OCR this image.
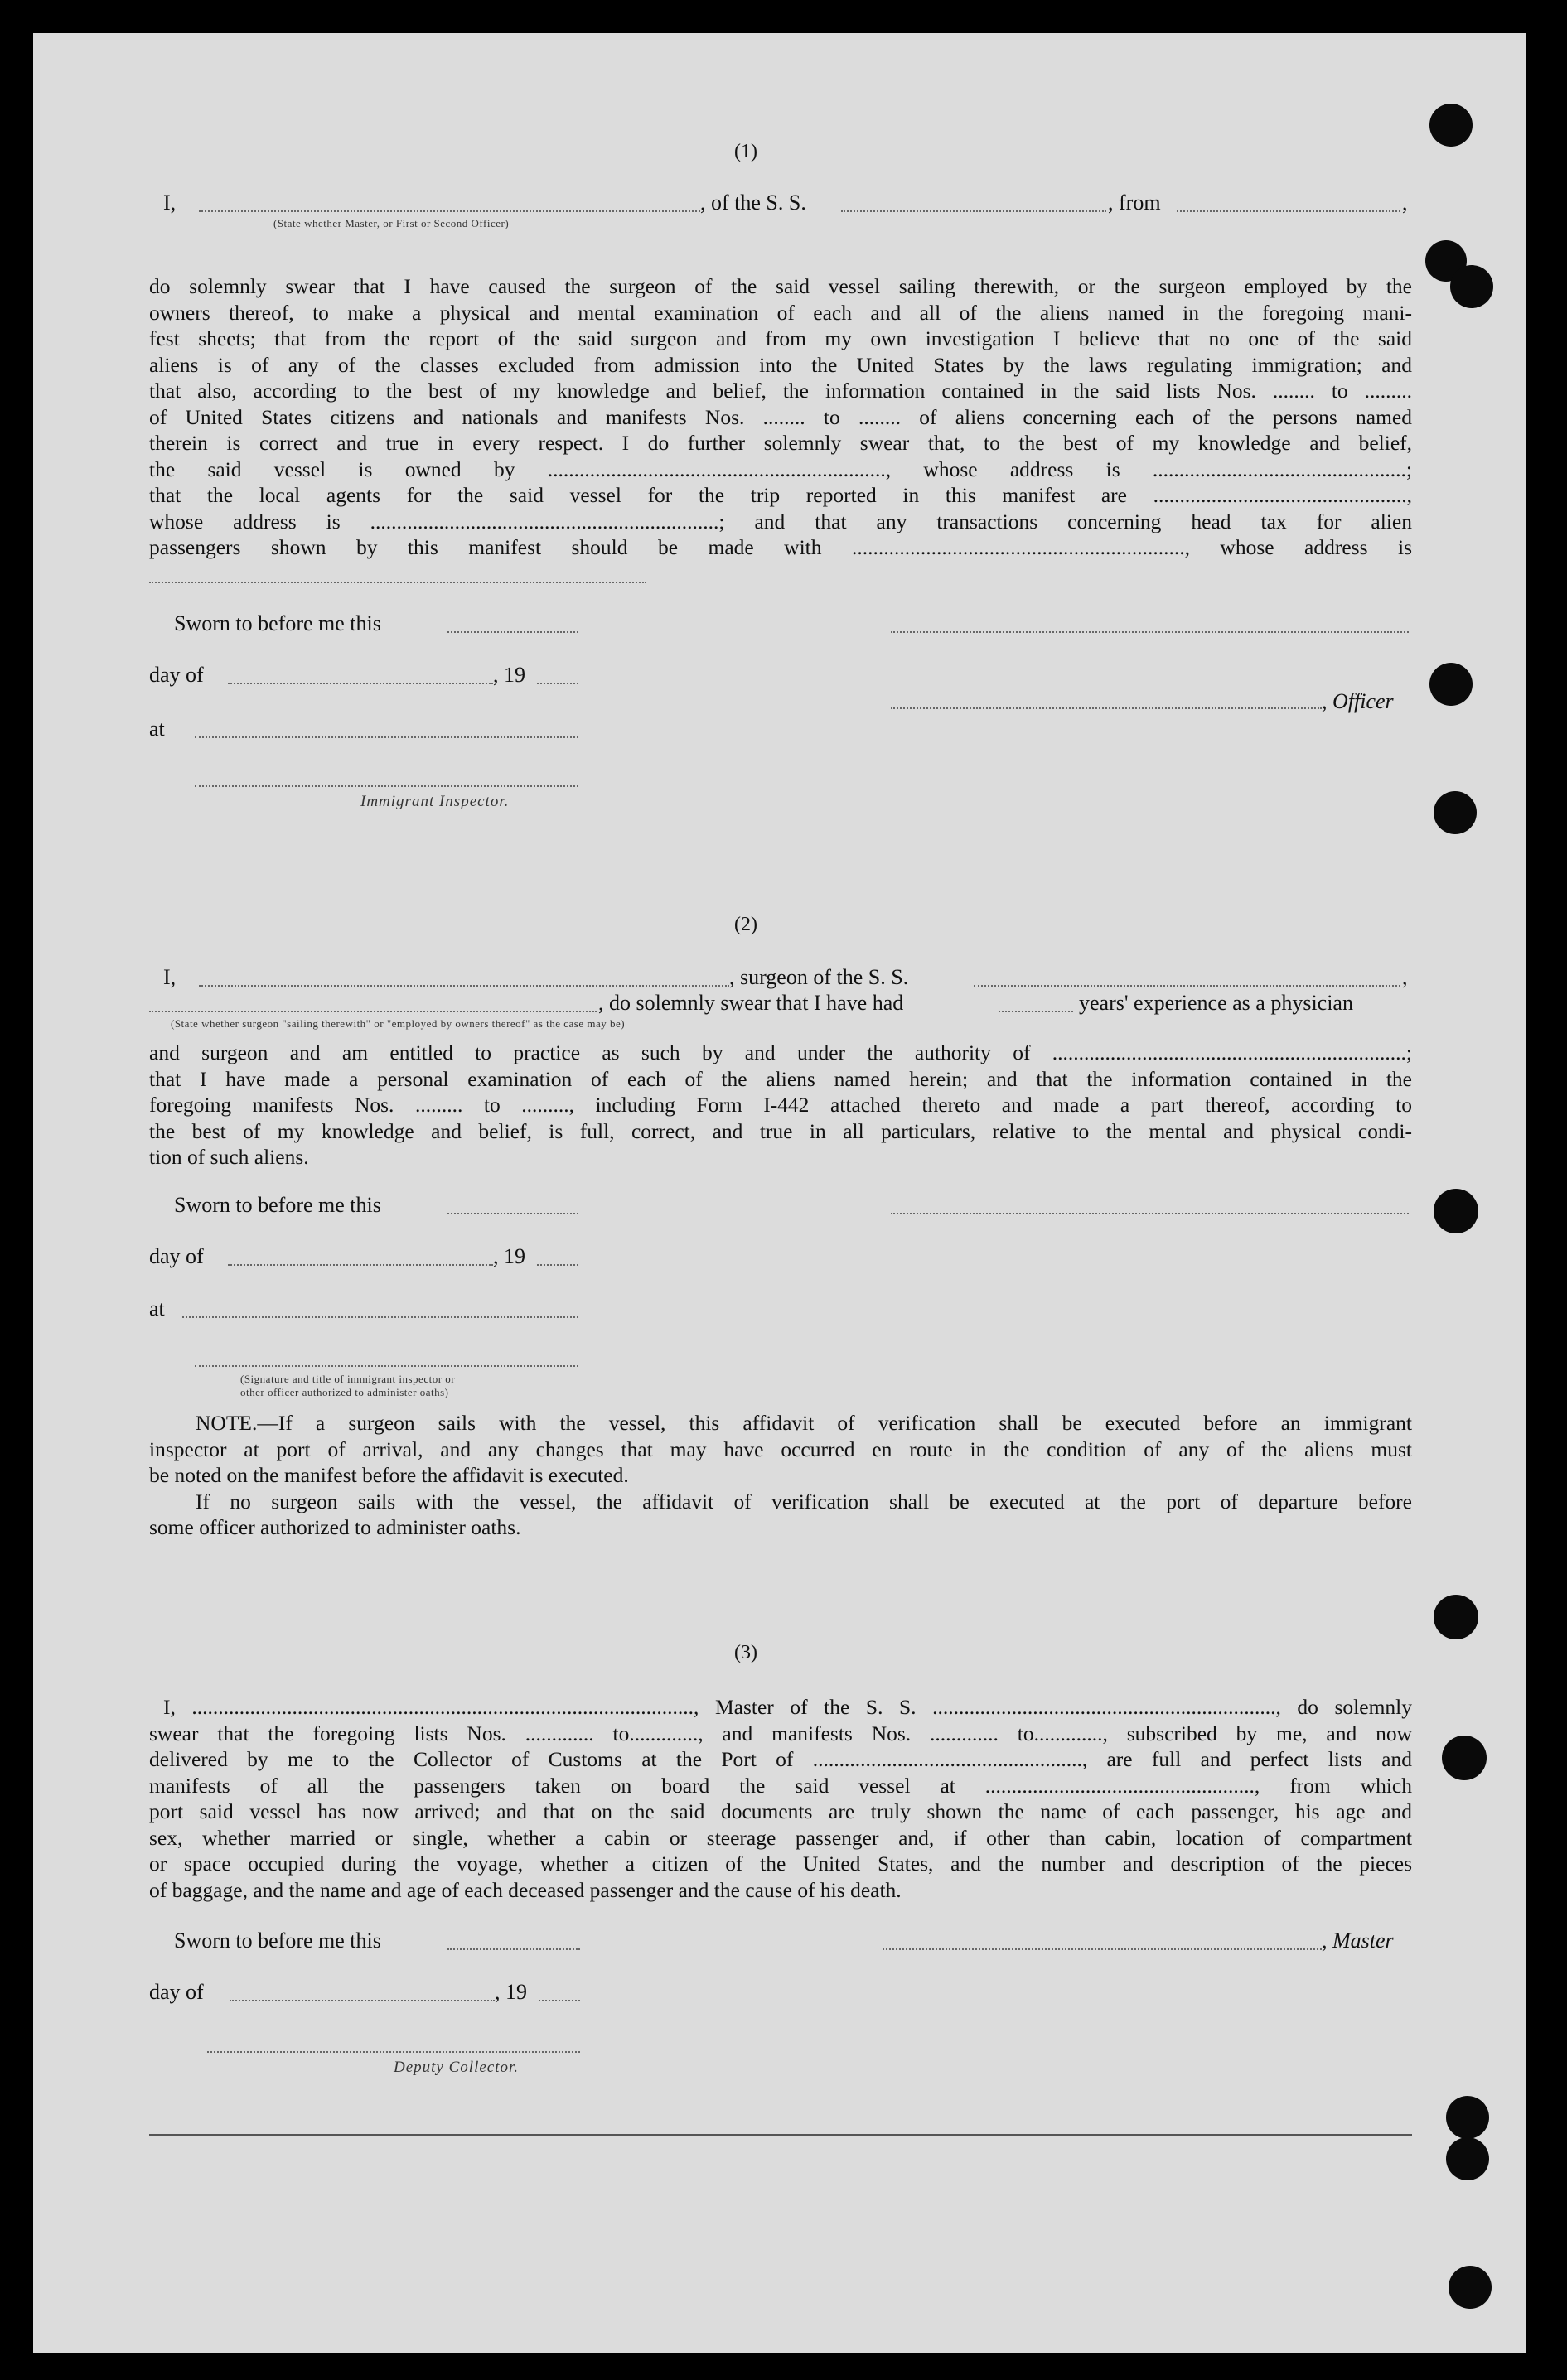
(1)
I,	, of the S. S.	, from	,
(State whether Master, or First or Second Officer)
do solemnly swear that I have caused the surgeon of the said vessel sailing therewith, or the surgeon employed by the
owners thereof, to make a physical and mental examination of each and all of the aliens named in the foregoing mani-
fest sheets; that from the report of the said surgeon and from my own investigation I believe that no one of the said
aliens is of any of the classes excluded from admission into the United States by the laws regulating immigration; and
that also, according to the best of my knowledge and belief, the information contained in the said lists Nos. ........ to .........
of United States citizens and nationals and manifests Nos. ........ to ........ of aliens concerning each of the persons named
therein is correct and true in every respect. I do further solemnly swear that, to the best of my knowledge and belief,
the said vessel is owned by ................................................................, whose address is ................................................;
that the local agents for the said vessel for the trip reported in this manifest are ................................................,
whose address is ..................................................................; and that any transactions concerning head tax for alien
passengers shown by this manifest should be made with ..............................................................., whose address is
Sworn to before me this
day of	, 19
, Officer
at
Immigrant Inspector.
(2)
I,	, surgeon of the S. S.	,
, do solemnly swear that I have had	years' experience as a physician
(State whether surgeon "sailing therewith" or "employed by owners thereof" as the case may be)
and surgeon and am entitled to practice as such by and under the authority of ...................................................................;
that I have made a personal examination of each of the aliens named herein; and that the information contained in the
foregoing manifests Nos. ......... to ........., including Form I-442 attached thereto and made a part thereof, according to
the best of my knowledge and belief, is full, correct, and true in all particulars, relative to the mental and physical condi-
tion of such aliens.
Sworn to before me this
day of	, 19
at
(Signature and title of immigrant inspector or
other officer authorized to administer oaths)
NOTE.—If a surgeon sails with the vessel, this affidavit of verification shall be executed before an immigrant
inspector at port of arrival, and any changes that may have occurred en route in the condition of any of the aliens must
be noted on the manifest before the affidavit is executed.
If no surgeon sails with the vessel, the affidavit of verification shall be executed at the port of departure before
some officer authorized to administer oaths.
(3)
I, ..............................................................................................., Master of the S. S. ................................................................., do solemnly
swear that the foregoing lists Nos. ............. to............., and manifests Nos. ............. to............., subscribed by me, and now
delivered by me to the Collector of Customs at the Port of ..................................................., are full and perfect lists and
manifests of all the passengers taken on board the said vessel at ..................................................., from which
port said vessel has now arrived; and that on the said documents are truly shown the name of each passenger, his age and
sex, whether married or single, whether a cabin or steerage passenger and, if other than cabin, location of compartment
or space occupied during the voyage, whether a citizen of the United States, and the number and description of the pieces
of baggage, and the name and age of each deceased passenger and the cause of his death.
Sworn to before me this	, Master
day of	, 19
Deputy Collector.
